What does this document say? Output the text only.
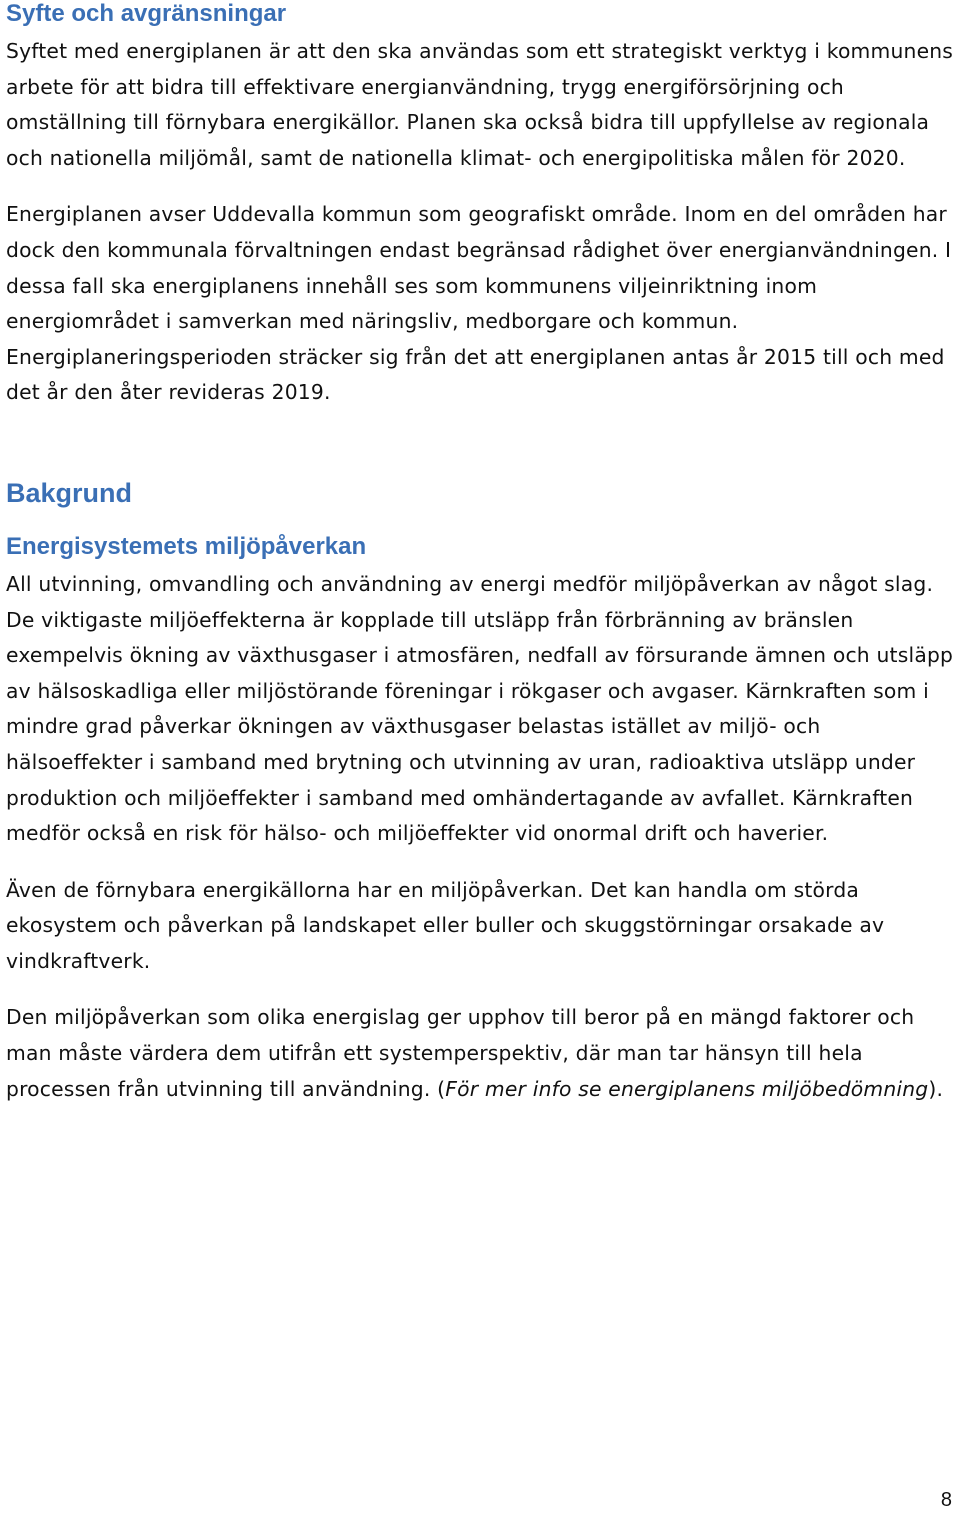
Syfte och avgränsningar

Syftet med energiplanen är att den ska användas som ett strategiskt verktyg i kommunens arbete för att bidra till effektivare energianvändning, trygg energiförsörjning och omställning till förnybara energikällor. Planen ska också bidra till uppfyllelse av regionala och nationella miljömål, samt de nationella klimat- och energipolitiska målen för 2020.

Energiplanen avser Uddevalla kommun som geografiskt område. Inom en del områden har dock den kommunala förvaltningen endast begränsad rådighet över energianvändningen. I dessa fall ska energiplanens innehåll ses som kommunens viljeinriktning inom energiområdet i samverkan med näringsliv, medborgare och kommun. Energiplaneringsperioden sträcker sig från det att energiplanen antas år 2015 till och med det år den åter revideras 2019.

Bakgrund
Energisystemets miljöpåverkan

All utvinning, omvandling och användning av energi medför miljöpåverkan av något slag. De viktigaste miljöeffekterna är kopplade till utsläpp från förbränning av bränslen exempelvis ökning av växthusgaser i atmosfären, nedfall av försurande ämnen och utsläpp av hälsoskadliga eller miljöstörande föreningar i rökgaser och avgaser. Kärnkraften som i mindre grad påverkar ökningen av växthusgaser belastas istället av miljö- och hälsoeffekter i samband med brytning och utvinning av uran, radioaktiva utsläpp under produktion och miljöeffekter i samband med omhändertagande av avfallet. Kärnkraften medför också en risk för hälso- och miljöeffekter vid onormal drift och haverier.

Även de förnybara energikällorna har en miljöpåverkan. Det kan handla om störda ekosystem och påverkan på landskapet eller buller och skuggstörningar orsakade av vindkraftverk.

Den miljöpåverkan som olika energislag ger upphov till beror på en mängd faktorer och man måste värdera dem utifrån ett systemperspektiv, där man tar hänsyn till hela processen från utvinning till användning. (För mer info se energiplanens miljöbedömning).

8
